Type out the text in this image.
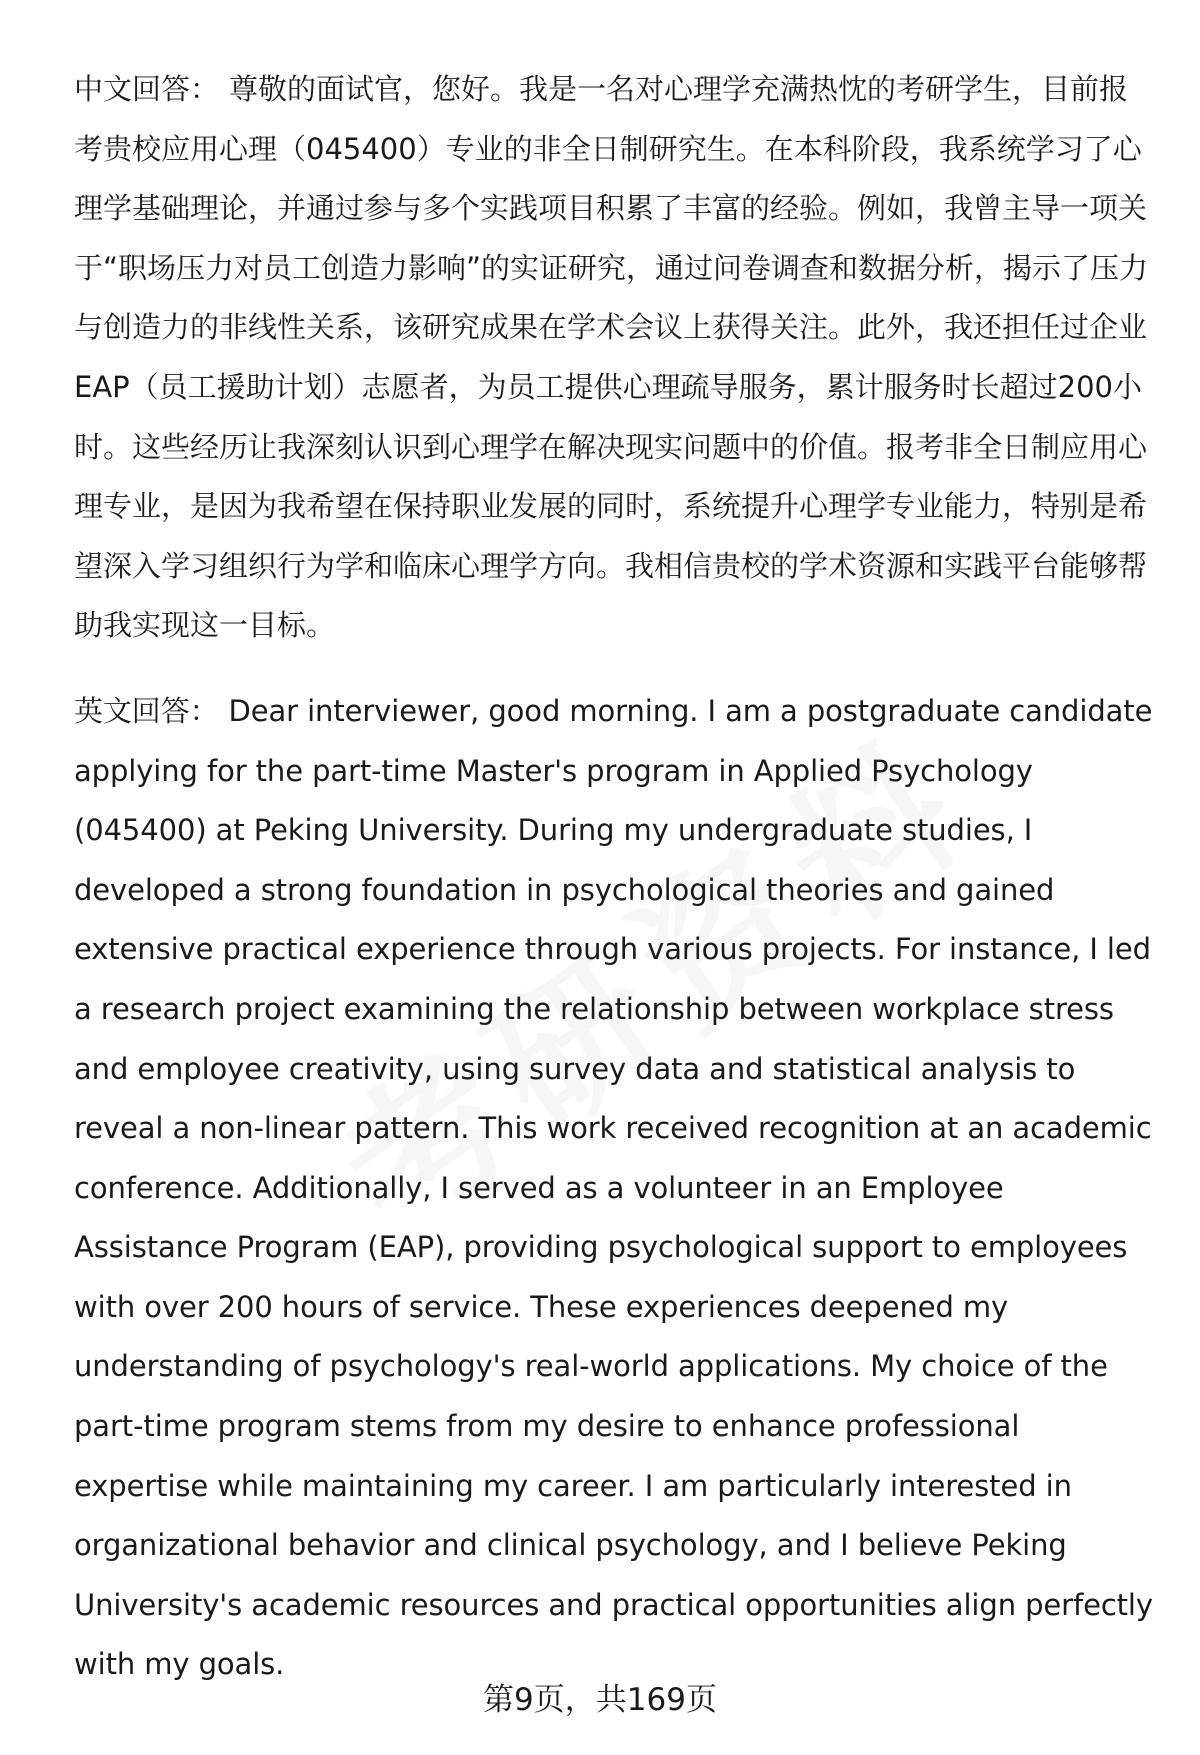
中文回答： 尊敬的面试官，您好。我是一名对心理学充满热忱的考研学生，目前报考贵校应用心理（045400）专业的非全日制研究生。在本科阶段，我系统学习了心理学基础理论，并通过参与多个实践项目积累了丰富的经验。例如，我曾主导一项关于“职场压力对员工创造力影响”的实证研究，通过问卷调查和数据分析，揭示了压力与创造力的非线性关系，该研究成果在学术会议上获得关注。此外，我还担任过企业EAP（员工援助计划）志愿者，为员工提供心理疏导服务，累计服务时长超过200小时。这些经历让我深刻认识到心理学在解决现实问题中的价值。报考非全日制应用心理专业，是因为我希望在保持职业发展的同时，系统提升心理学专业能力，特别是希望深入学习组织行为学和临床心理学方向。我相信贵校的学术资源和实践平台能够帮助我实现这一目标。

英文回答： Dear interviewer, good morning. I am a postgraduate candidate applying for the part-time Master's program in Applied Psychology (045400) at Peking University. During my undergraduate studies, I developed a strong foundation in psychological theories and gained extensive practical experience through various projects. For instance, I led a research project examining the relationship between workplace stress and employee creativity, using survey data and statistical analysis to reveal a non-linear pattern. This work received recognition at an academic conference. Additionally, I served as a volunteer in an Employee Assistance Program (EAP), providing psychological support to employees with over 200 hours of service. These experiences deepened my understanding of psychology's real-world applications. My choice of the part-time program stems from my desire to enhance professional expertise while maintaining my career. I am particularly interested in organizational behavior and clinical psychology, and I believe Peking University's academic resources and practical opportunities align perfectly with my goals.

第9页，共169页
